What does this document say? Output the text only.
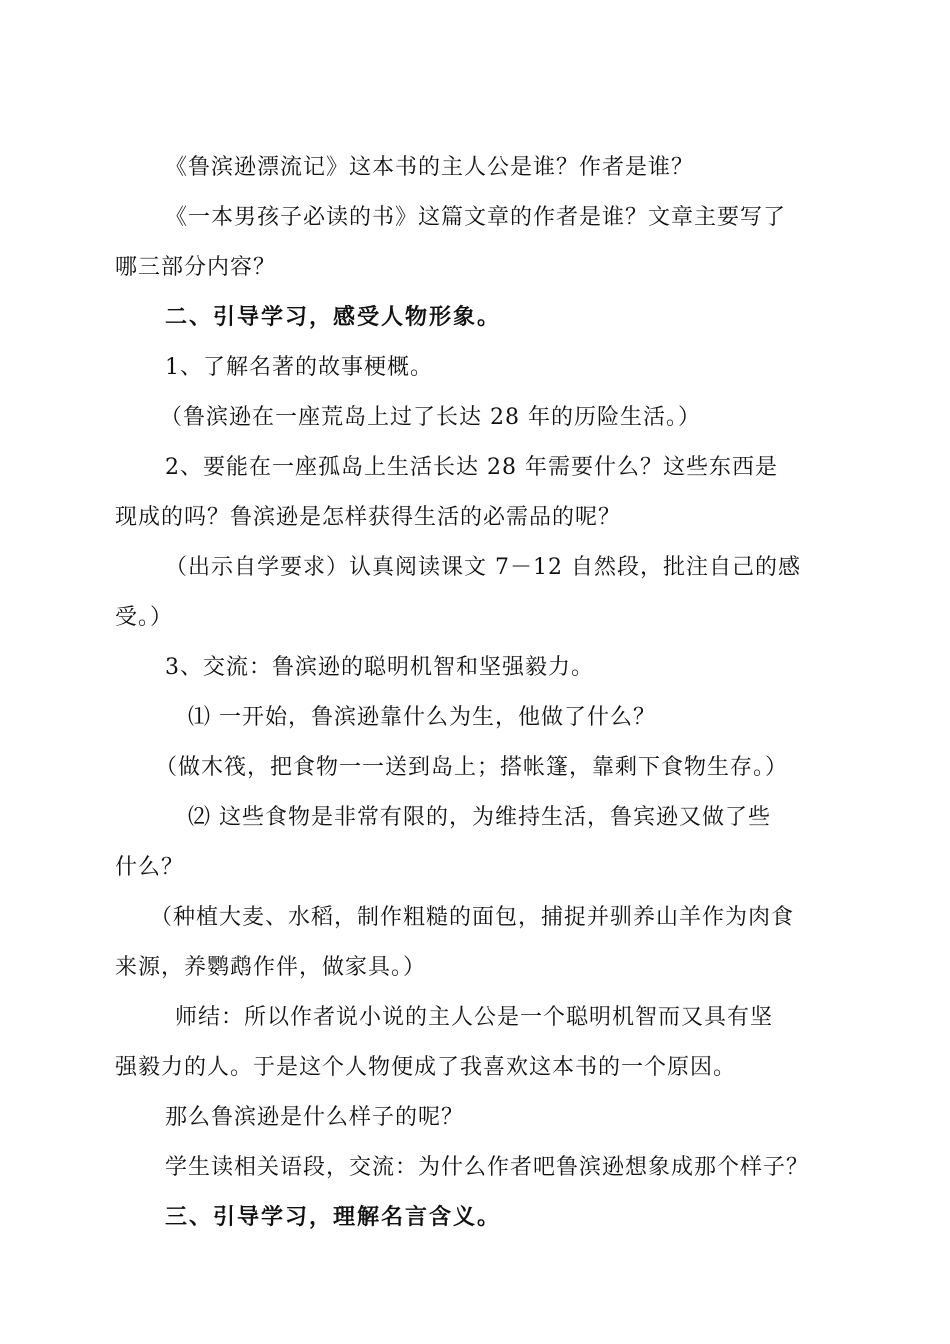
《鲁滨逊漂流记》这本书的主人公是谁？作者是谁？
《一本男孩子必读的书》这篇文章的作者是谁？文章主要写了
哪三部分内容？
二、引导学习，感受人物形象。
1、了解名著的故事梗概。
（鲁滨逊在一座荒岛上过了长达 28 年的历险生活。）
2、要能在一座孤岛上生活长达 28 年需要什么？这些东西是
现成的吗？鲁滨逊是怎样获得生活的必需品的呢？
（出示自学要求）认真阅读课文 7－12 自然段，批注自己的感
受。）
3、交流：鲁滨逊的聪明机智和坚强毅力。
⑴ 一开始，鲁滨逊靠什么为生，他做了什么？
（做木筏，把食物一一送到岛上；搭帐篷，靠剩下食物生存。）
⑵ 这些食物是非常有限的，为维持生活，鲁宾逊又做了些
什么？
（种植大麦、水稻，制作粗糙的面包，捕捉并驯养山羊作为肉食
来源，养鹦鹉作伴，做家具。）
师结：所以作者说小说的主人公是一个聪明机智而又具有坚
强毅力的人。于是这个人物便成了我喜欢这本书的一个原因。
那么鲁滨逊是什么样子的呢？
学生读相关语段，交流：为什么作者吧鲁滨逊想象成那个样子？
三、引导学习，理解名言含义。
